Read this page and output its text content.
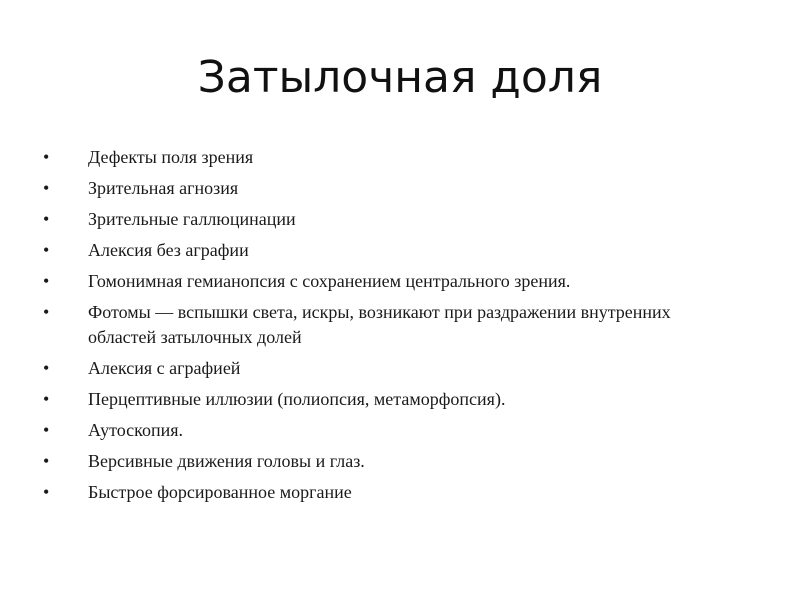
Затылочная доля
•	Дефекты поля зрения
•	Зрительная агнозия
•	Зрительные галлюцинации
•	Алексия без аграфии
•	Гомонимная гемианопсия с сохранением центрального зрения.
•	Фотомы — вспышки света, искры, возникают при раздражении внутренних областей затылочных долей
•	Алексия с аграфией
•	Перцептивные иллюзии (полиопсия, метаморфопсия).
•	Аутоскопия.
•	Версивные движения головы и глаз.
•	Быстрое форсированное моргание
